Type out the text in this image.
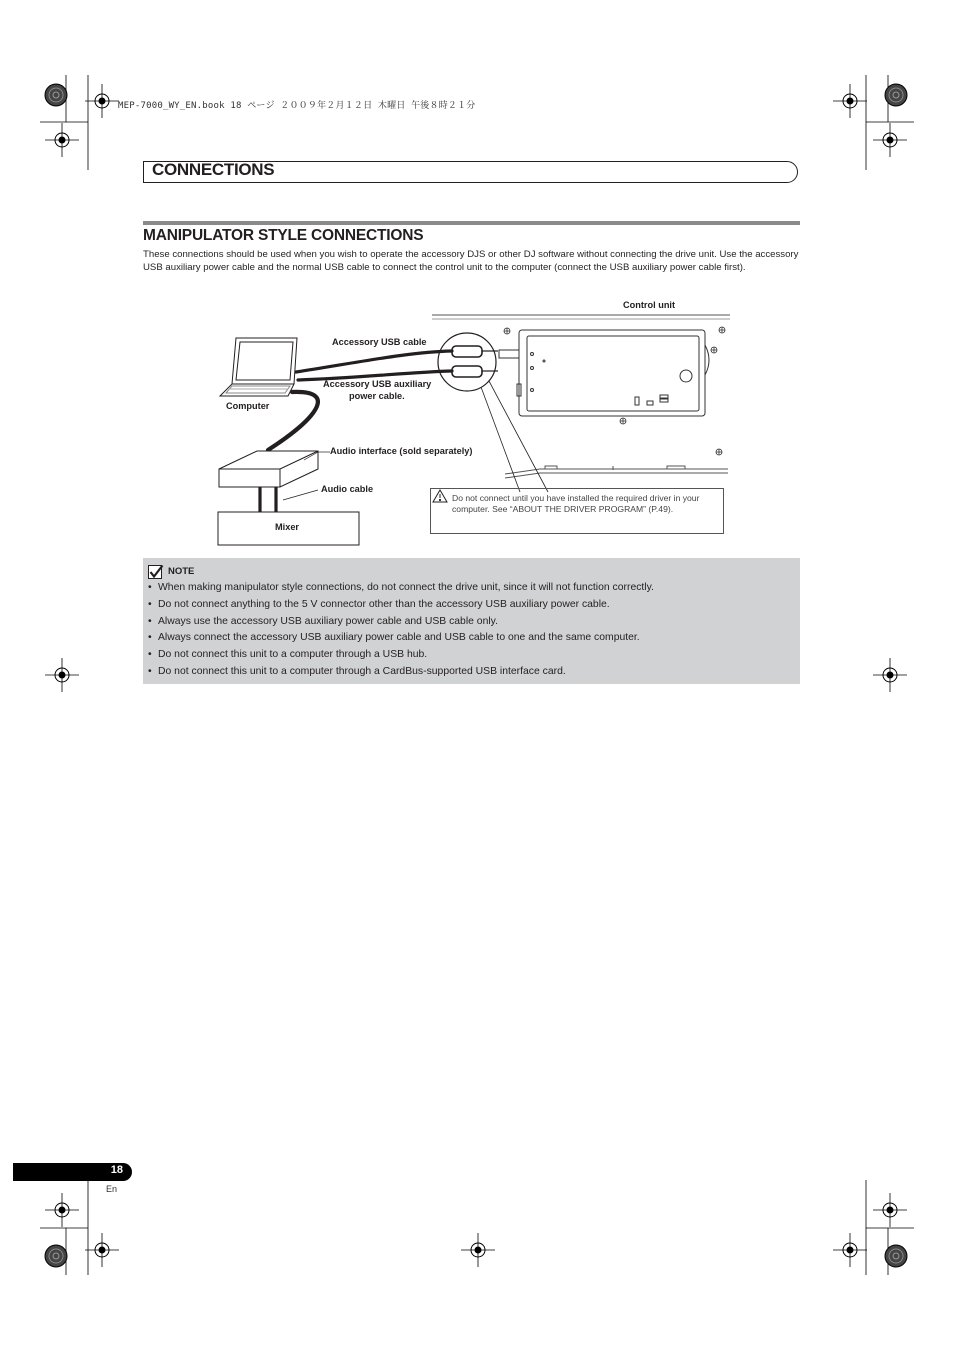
MEP-7000_WY_EN.book 18 ページ ２００９年２月１２日 木曜日 午後８時２１分
CONNECTIONS
MANIPULATOR STYLE CONNECTIONS
These connections should be used when you wish to operate the accessory DJS or other DJ software without connecting the drive unit. Use the accessory USB auxiliary power cable and the normal USB cable to connect the control unit to the computer (connect the USB auxiliary power cable first).
Control unit
Accessory USB cable
Accessory USB auxiliary
power cable.
Computer
Audio interface (sold separately)
Audio cable
Mixer
Do not connect until you have installed the required driver in your computer. See “ABOUT THE DRIVER PROGRAM” (P.49).
NOTE
• When making manipulator style connections, do not connect the drive unit, since it will not function correctly.
• Do not connect anything to the 5 V connector other than the accessory USB auxiliary power cable.
• Always use the accessory USB auxiliary power cable and USB cable only.
• Always connect the accessory USB auxiliary power cable and USB cable to one and the same computer.
• Do not connect this unit to a computer through a USB hub.
• Do not connect this unit to a computer through a CardBus-supported USB interface card.
18
En
